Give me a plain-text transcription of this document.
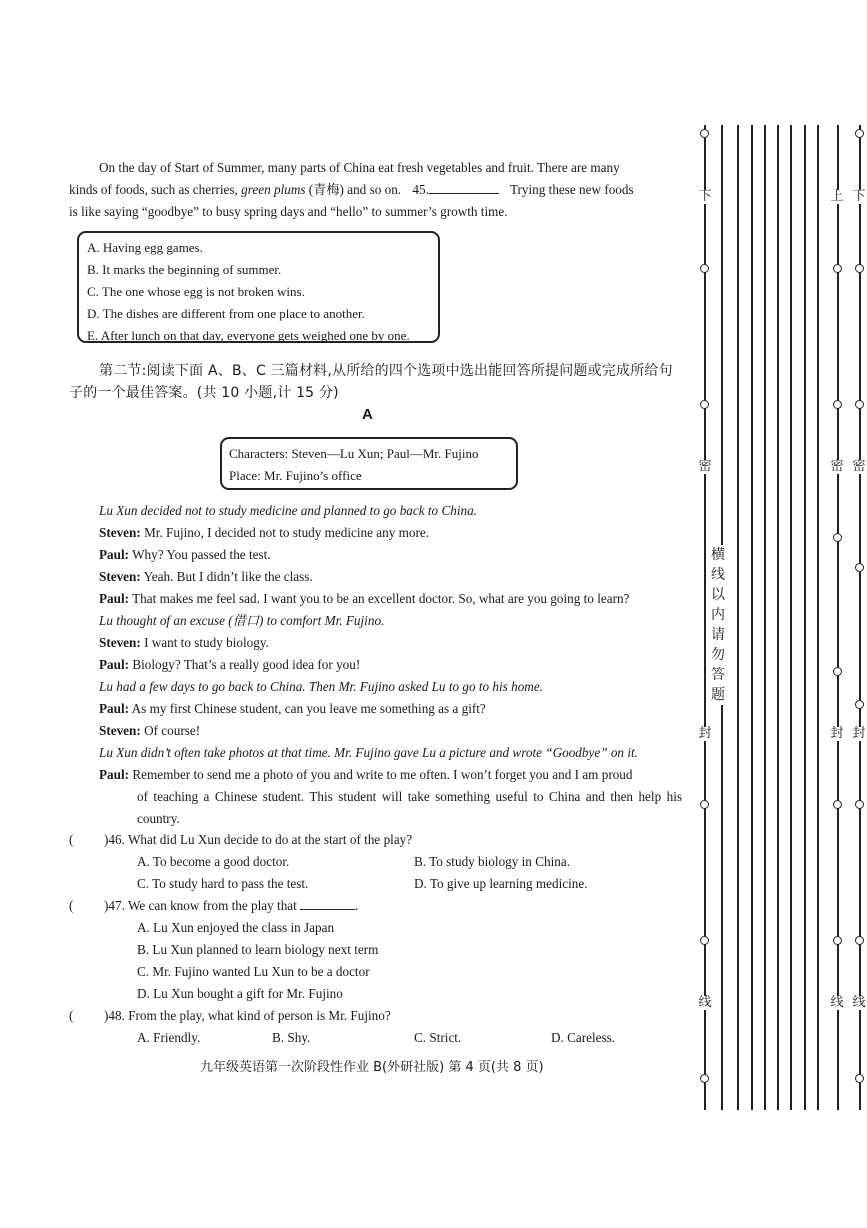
On the day of Start of Summer, many parts of China eat fresh vegetables and fruit. There are many
kinds of foods, such as cherries, green plums (青梅) and so on. 45.	Trying these new foods
is like saying “goodbye” to busy spring days and “hello” to summer’s growth time.
A. Having egg games.
B. It marks the beginning of summer.
C. The one whose egg is not broken wins.
D. The dishes are different from one place to another.
E. After lunch on that day, everyone gets weighed one by one.
第二节:阅读下面 A、B、C 三篇材料,从所给的四个选项中选出能回答所提问题或完成所给句
子的一个最佳答案。(共 10 小题,计 15 分)
A
Characters: Steven—Lu Xun; Paul—Mr. Fujino
Place: Mr. Fujino’s office
Lu Xun decided not to study medicine and planned to go back to China.
Steven: Mr. Fujino, I decided not to study medicine any more.
Paul: Why? You passed the test.
Steven: Yeah. But I didn’t like the class.
Paul: That makes me feel sad. I want you to be an excellent doctor. So, what are you going to learn?
Lu thought of an excuse (借口) to comfort Mr. Fujino.
Steven: I want to study biology.
Paul: Biology? That’s a really good idea for you!
Lu had a few days to go back to China. Then Mr. Fujino asked Lu to go to his home.
Paul: As my first Chinese student, can you leave me something as a gift?
Steven: Of course!
Lu Xun didn’t often take photos at that time. Mr. Fujino gave Lu a picture and wrote “Goodbye” on it.
Paul: Remember to send me a photo of you and write to me often. I won’t forget you and I am proud
of teaching a Chinese student. This student will take something useful to China and then help his country.
( )46. What did Lu Xun decide to do at the start of the play?
A. To become a good doctor.	B. To study biology in China.
C. To study hard to pass the test.	D. To give up learning medicine.
( )47. We can know from the play that	.
A. Lu Xun enjoyed the class in Japan
B. Lu Xun planned to learn biology next term
C. Mr. Fujino wanted Lu Xun to be a doctor
D. Lu Xun bought a gift for Mr. Fujino
( )48. From the play, what kind of person is Mr. Fujino?
A. Friendly.	B. Shy.	C. Strict.	D. Careless.
九年级英语第一次阶段性作业 B(外研社版) 第 4 页(共 8 页)
下
密
封
线
上
密
封
线
下
密
封
线
横
线
以
内
请
勿
答
题
